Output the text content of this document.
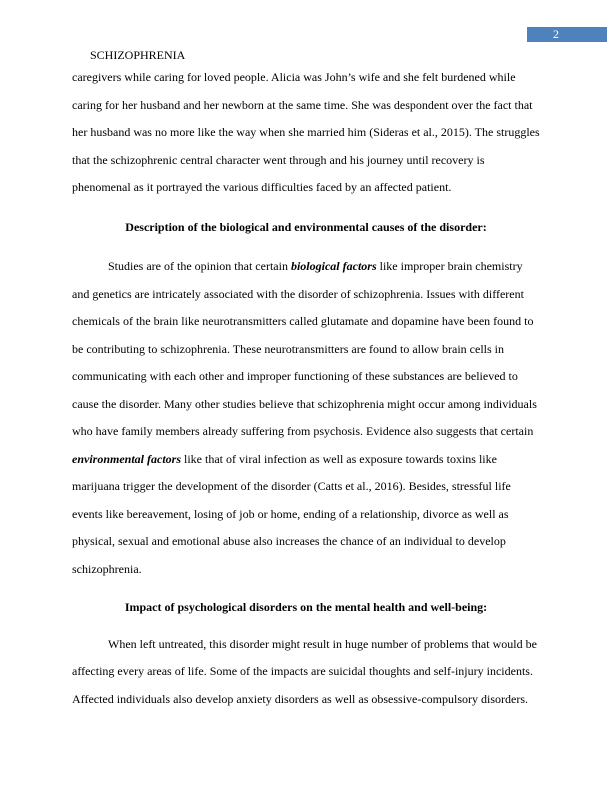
2
SCHIZOPHRENIA
caregivers while caring for loved people. Alicia was John’s wife and she felt burdened while
caring for her husband and her newborn at the same time. She was despondent over the fact that
her husband was no more like the way when she married him (Sideras et al., 2015). The struggles
that the schizophrenic central character went through and his journey until recovery is
phenomenal as it portrayed the various difficulties faced by an affected patient.
Description of the biological and environmental causes of the disorder:
Studies are of the opinion that certain biological factors like improper brain chemistry
and genetics are intricately associated with the disorder of schizophrenia. Issues with different
chemicals of the brain like neurotransmitters called glutamate and dopamine have been found to
be contributing to schizophrenia. These neurotransmitters are found to allow brain cells in
communicating with each other and improper functioning of these substances are believed to
cause the disorder. Many other studies believe that schizophrenia might occur among individuals
who have family members already suffering from psychosis. Evidence also suggests that certain
environmental factors like that of viral infection as well as exposure towards toxins like
marijuana trigger the development of the disorder (Catts et al., 2016). Besides, stressful life
events like bereavement, losing of job or home, ending of a relationship, divorce as well as
physical, sexual and emotional abuse also increases the chance of an individual to develop
schizophrenia.
Impact of psychological disorders on the mental health and well-being:
When left untreated, this disorder might result in huge number of problems that would be
affecting every areas of life. Some of the impacts are suicidal thoughts and self-injury incidents.
Affected individuals also develop anxiety disorders as well as obsessive-compulsory disorders.
